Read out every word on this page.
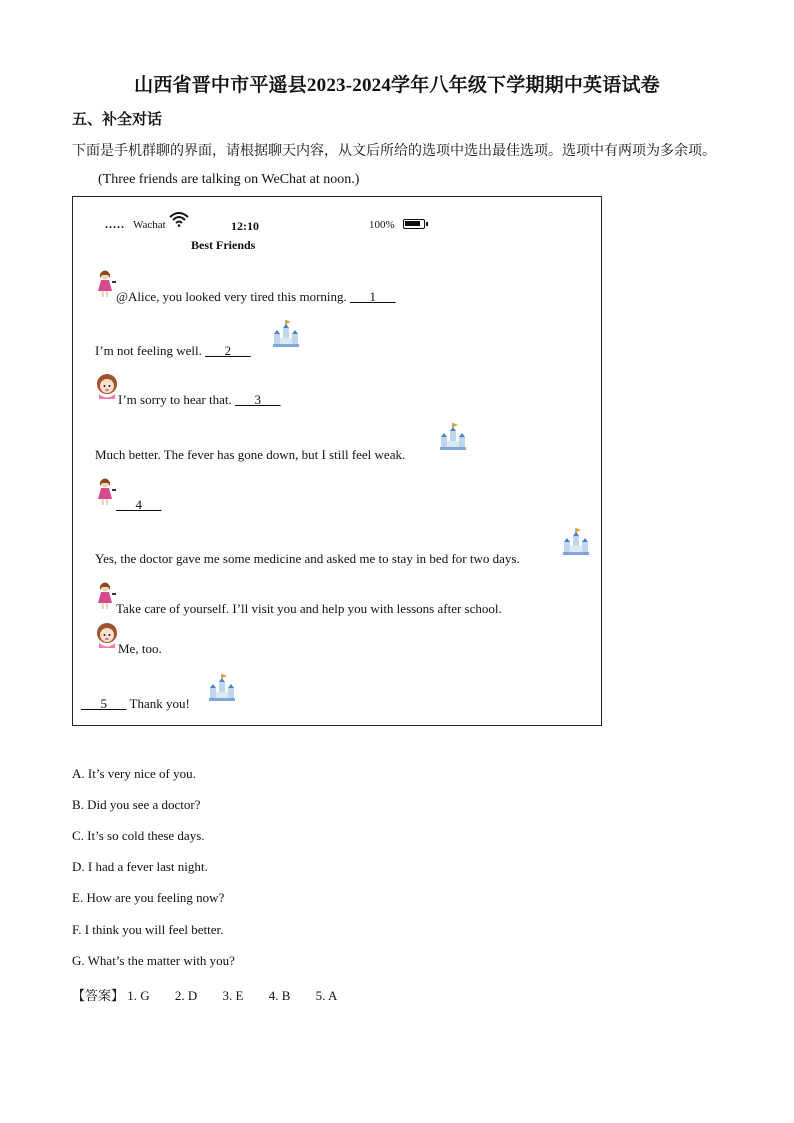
山西省晋中市平遥县2023-2024学年八年级下学期期中英语试卷
五、补全对话
下面是手机群聊的界面，请根据聊天内容，从文后所给的选项中选出最佳选项。选项中有两项为多余项。
(Three friends are talking on WeChat at noon.)
..... Wachat	12:10	100%
Best Friends
@Alice, you looked very tired this morning. ___1___
I’m not feeling well. ___2___
I’m sorry to hear that. ___3___
Much better. The fever has gone down, but I still feel weak.
___4___
Yes, the doctor gave me some medicine and asked me to stay in bed for two days.
Take care of yourself. I’ll visit you and help you with lessons after school.
Me, too.
___5___ Thank you!
A. It’s very nice of you.
B. Did you see a doctor?
C. It’s so cold these days.
D. I had a fever last night.
E. How are you feeling now?
F. I think you will feel better.
G. What’s the matter with you?
【答案】 1. G 2. D 3. E 4. B 5. A
